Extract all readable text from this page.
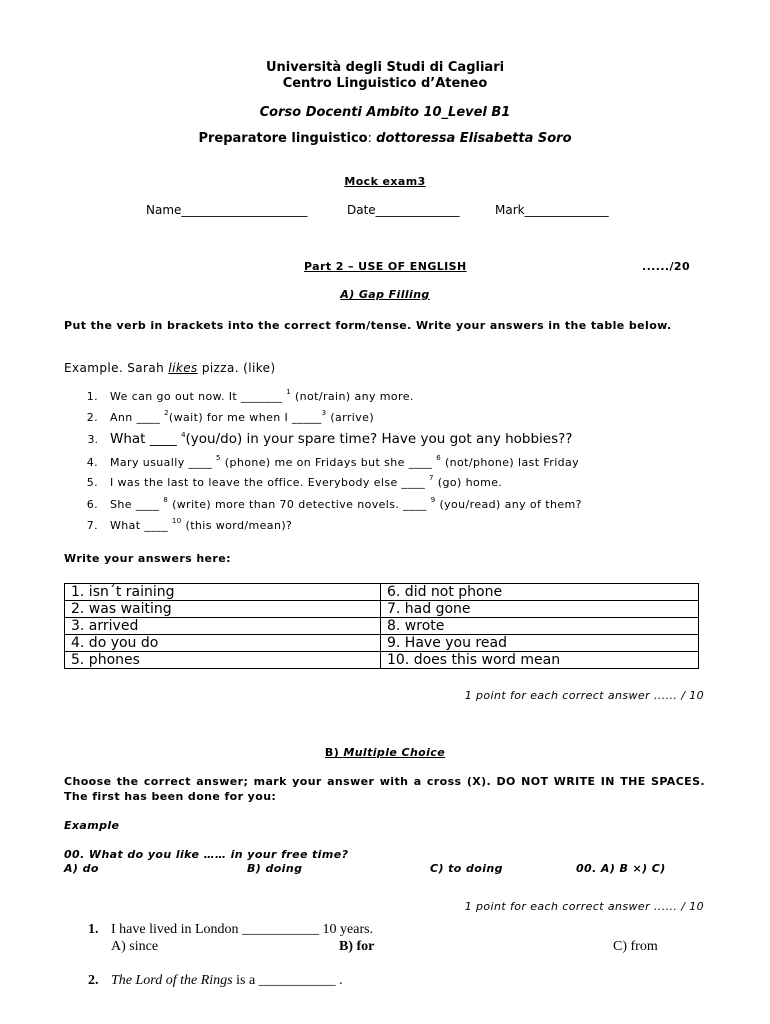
Università degli Studi di Cagliari
Centro Linguistico d’Ateneo
Corso Docenti Ambito 10_Level B1
Preparatore linguistico: dottoressa Elisabetta Soro
Mock exam3
Name_____________________	Date______________	Mark______________
Part 2 – USE OF ENGLISH	....../20
A) Gap Filling
Put the verb in brackets into the correct form/tense. Write your answers in the table below.
Example. Sarah likes pizza. (like)
1. We can go out now. It _______ $^1$ (not/rain) any more.
2. Ann ____ $^2$(wait) for me when I _____$^3$ (arrive)
3. What ____ $^4$(you/do) in your spare time? Have you got any hobbies??
4. Mary usually ____ $^5$ (phone) me on Fridays but she ____ $^6$ (not/phone) last Friday
5. I was the last to leave the office. Everybody else ____ $^7$ (go) home.
6. She ____ $^8$ (write) more than 70 detective novels. ____ $^9$ (you/read) any of them?
7. What ____ $^{10}$ (this word/mean)?
Write your answers here:
1. isn´t raining	6. did not phone
2. was waiting	7. had gone
3. arrived	8. wrote
4. do you do	9. Have you read
5. phones	10. does this word mean
1 point for each correct answer ...... / 10
B) Multiple Choice
Choose the correct answer; mark your answer with a cross (X). DO NOT WRITE IN THE SPACES. The first has been done for you:
Example
00. What do you like …… in your free time?
A) do	B) doing	C) to doing	00. A) B ×) C)
1 point for each correct answer ...... / 10
1. I have lived in London ___________ 10 years.
A) since	B) for	C) from
2. The Lord of the Rings is a ___________ .
